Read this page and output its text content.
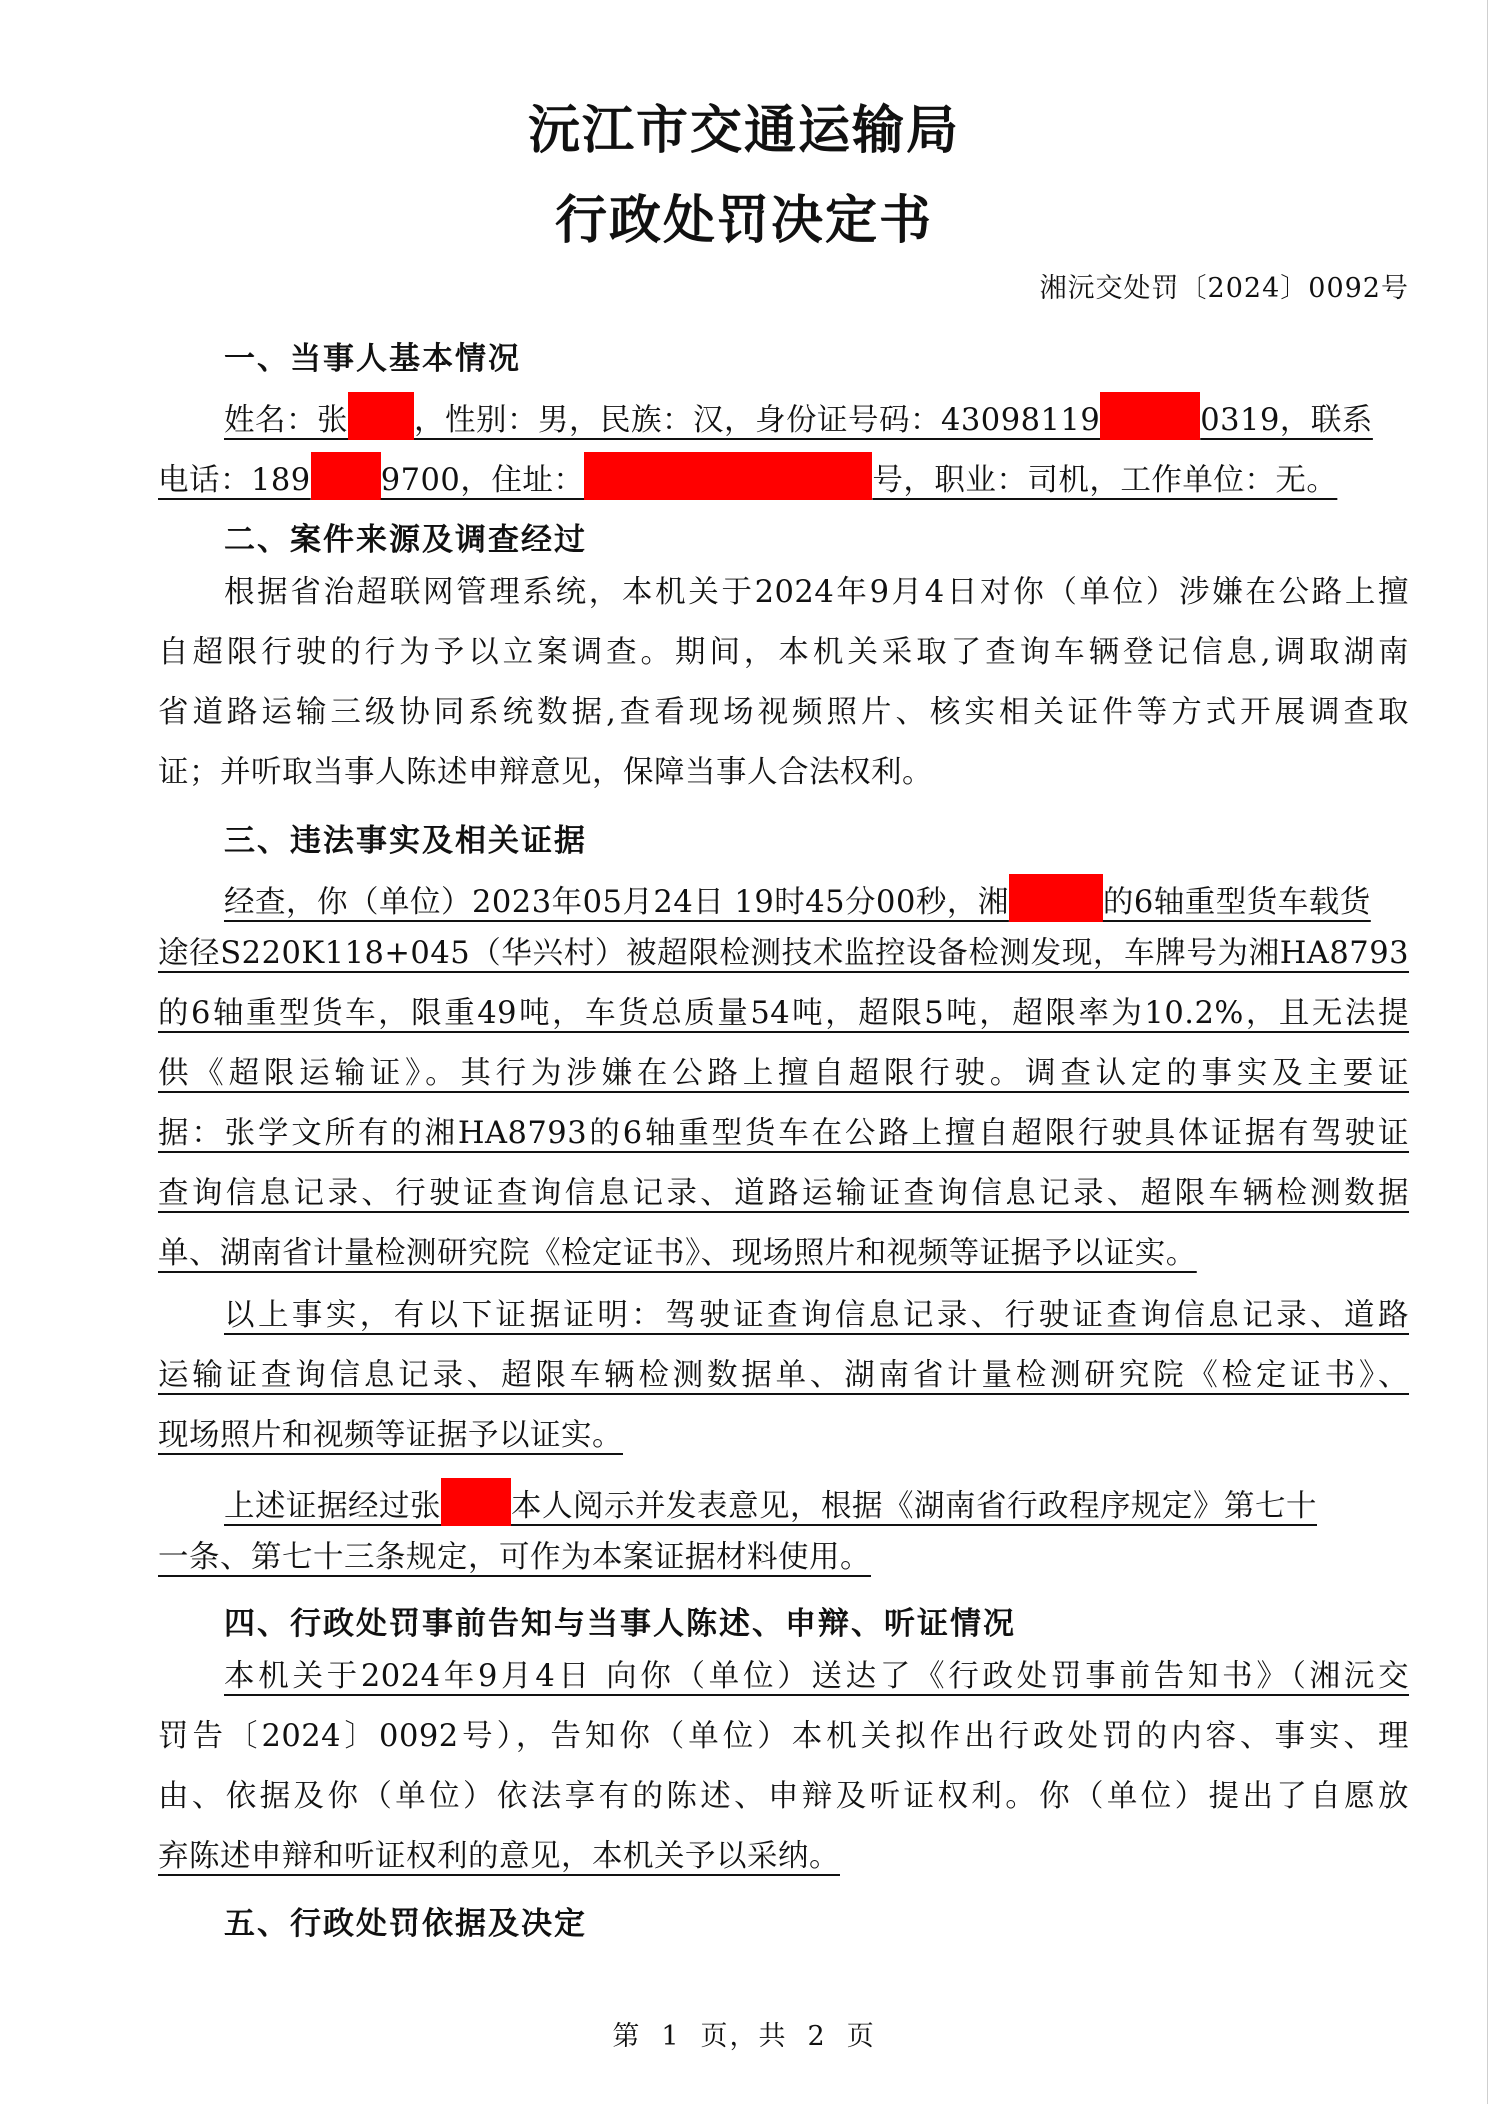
沅江市交通运输局
行政处罚决定书
湘沅交处罚〔2024〕0092号
一、当事人基本情况
姓名：张 ，性别：男，民族：汉，身份证号码：43098119	0319，联系
电话：189 9700，住址：	号，职业：司机，工作单位：无。
二、案件来源及调查经过
根据省治超联网管理系统，本机关于2024年9月4日对你（单位）涉嫌在公路上擅
自超限行驶的行为予以立案调查。期间，本机关采取了查询车辆登记信息,调取湖南
省道路运输三级协同系统数据,查看现场视频照片、核实相关证件等方式开展调查取
证；并听取当事人陈述申辩意见，保障当事人合法权利。
三、违法事实及相关证据
经查，你（单位）2023年05月24日 19时45分00秒，湘	的6轴重型货车载货
途径S220K118+045（华兴村）被超限检测技术监控设备检测发现，车牌号为湘HA8793
的6轴重型货车，限重49吨，车货总质量54吨，超限5吨，超限率为10.2%，且无法提
供《超限运输证》。其行为涉嫌在公路上擅自超限行驶。调查认定的事实及主要证
据：张学文所有的湘HA8793的6轴重型货车在公路上擅自超限行驶具体证据有驾驶证
查询信息记录、行驶证查询信息记录、道路运输证查询信息记录、超限车辆检测数据
单、湖南省计量检测研究院《检定证书》、现场照片和视频等证据予以证实。
以上事实，有以下证据证明：驾驶证查询信息记录、行驶证查询信息记录、道路
运输证查询信息记录、超限车辆检测数据单、湖南省计量检测研究院《检定证书》、
现场照片和视频等证据予以证实。
上述证据经过张 本人阅示并发表意见，根据《湖南省行政程序规定》第七十
一条、第七十三条规定，可作为本案证据材料使用。
四、行政处罚事前告知与当事人陈述、申辩、听证情况
本机关于2024年9月4日 向你（单位）送达了《行政处罚事前告知书》（湘沅交
罚告〔2024〕0092号），告知你（单位）本机关拟作出行政处罚的内容、事实、理
由、依据及你（单位）依法享有的陈述、申辩及听证权利。你（单位）提出了自愿放
弃陈述申辩和听证权利的意见，本机关予以采纳。
五、行政处罚依据及决定
第 1 页，共 2 页
